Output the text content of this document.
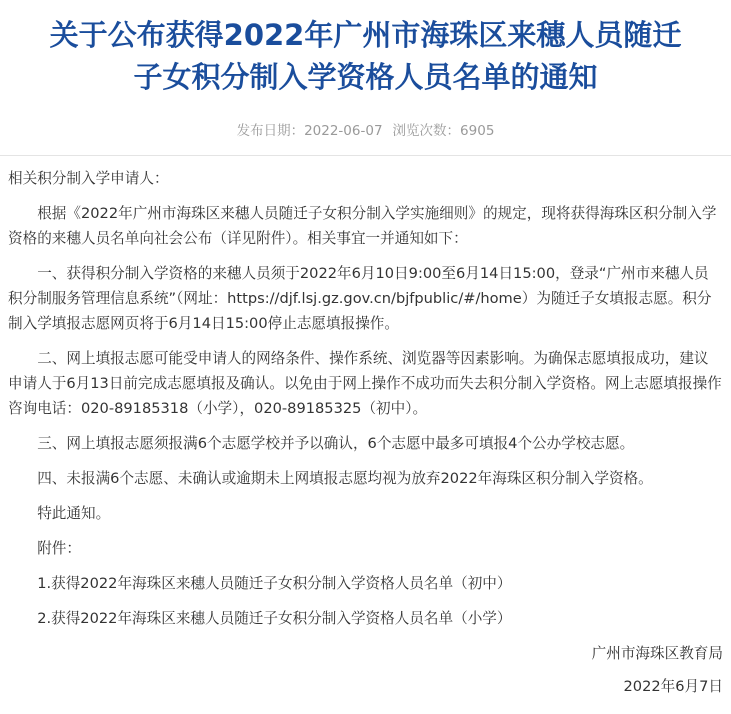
关于公布获得2022年广州市海珠区来穗人员随迁
子女积分制入学资格人员名单的通知
发布日期：2022-06-07 浏览次数：6905

相关积分制入学申请人：

根据《2022年广州市海珠区来穗人员随迁子女积分制入学实施细则》的规定，现将获得海珠区积分制入学资格的来穗人员名单向社会公布（详见附件）。相关事宜一并通知如下：

一、获得积分制入学资格的来穗人员须于2022年6月10日9:00至6月14日15:00，登录“广州市来穗人员积分制服务管理信息系统”（网址：https://djf.lsj.gz.gov.cn/bjfpublic/#/home）为随迁子女填报志愿。积分制入学填报志愿网页将于6月14日15:00停止志愿填报操作。

二、网上填报志愿可能受申请人的网络条件、操作系统、浏览器等因素影响。为确保志愿填报成功，建议申请人于6月13日前完成志愿填报及确认。以免由于网上操作不成功而失去积分制入学资格。网上志愿填报操作咨询电话：020-89185318（小学），020-89185325（初中）。

三、网上填报志愿须报满6个志愿学校并予以确认，6个志愿中最多可填报4个公办学校志愿。

四、未报满6个志愿、未确认或逾期未上网填报志愿均视为放弃2022年海珠区积分制入学资格。

特此通知。

附件：

1.获得2022年海珠区来穗人员随迁子女积分制入学资格人员名单（初中）

2.获得2022年海珠区来穗人员随迁子女积分制入学资格人员名单（小学）

广州市海珠区教育局

2022年6月7日
